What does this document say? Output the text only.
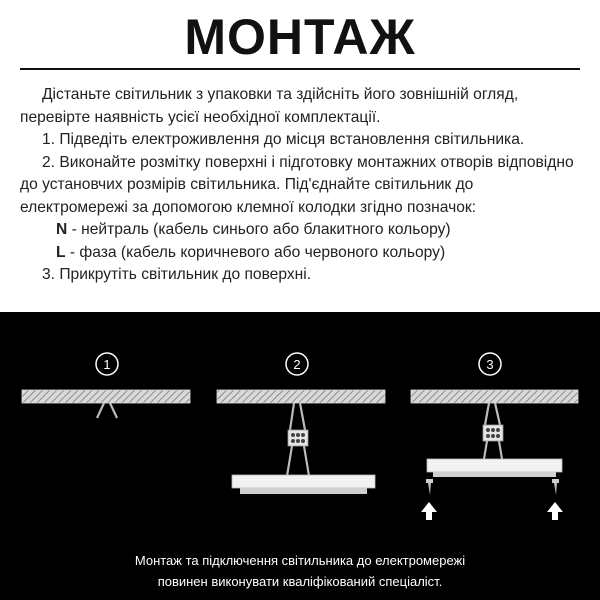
МОНТАЖ

Дістаньте світильник з упаковки та здійсніть його зовнішній огляд, перевірте наявність усієї необхідної комплектації.

1. Підведіть електроживлення до місця встановлення світильника.

2. Виконайте розмітку поверхні і підготовку монтажних отворів відповідно до установчих розмірів світильника. Під'єднайте світильник до електромережі за допомогою клемної колодки згідно позначок:

N - нейтраль (кабель синього або блакитного кольору)

L - фаза (кабель коричневого або червоного кольору)

3. Прикрутіть світильник до поверхні.

1	2	3
Монтаж та підключення світильника до електромережі
повинен виконувати кваліфікований спеціаліст.
